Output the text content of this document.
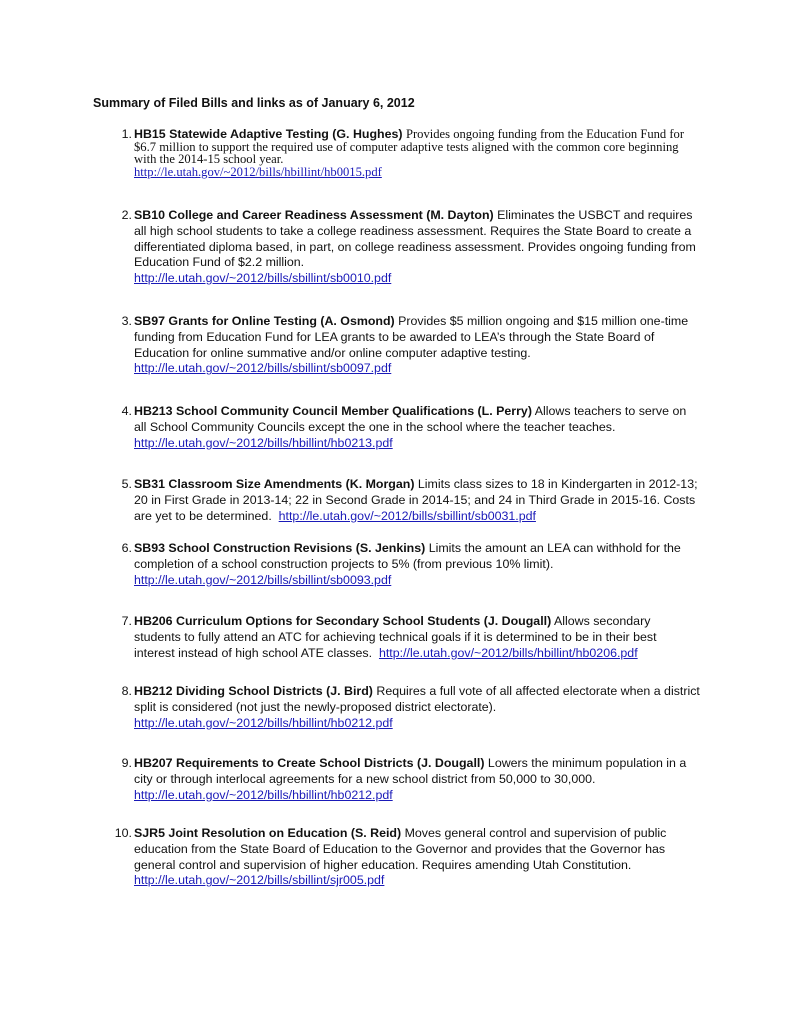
Summary of Filed Bills and links as of January 6, 2012
1. HB15 Statewide Adaptive Testing (G. Hughes) Provides ongoing funding from the Education Fund for $6.7 million to support the required use of computer adaptive tests aligned with the common core beginning with the 2014-15 school year.
http://le.utah.gov/~2012/bills/hbillint/hb0015.pdf
2. SB10 College and Career Readiness Assessment (M. Dayton) Eliminates the USBCT and requires all high school students to take a college readiness assessment. Requires the State Board to create a differentiated diploma based, in part, on college readiness assessment. Provides ongoing funding from Education Fund of $2.2 million.
http://le.utah.gov/~2012/bills/sbillint/sb0010.pdf
3. SB97 Grants for Online Testing (A. Osmond) Provides $5 million ongoing and $15 million one-time funding from Education Fund for LEA grants to be awarded to LEA’s through the State Board of Education for online summative and/or online computer adaptive testing.
http://le.utah.gov/~2012/bills/sbillint/sb0097.pdf
4. HB213 School Community Council Member Qualifications (L. Perry) Allows teachers to serve on all School Community Councils except the one in the school where the teacher teaches.
http://le.utah.gov/~2012/bills/hbillint/hb0213.pdf
5. SB31 Classroom Size Amendments (K. Morgan) Limits class sizes to 18 in Kindergarten in 2012-13; 20 in First Grade in 2013-14; 22 in Second Grade in 2014-15; and 24 in Third Grade in 2015-16. Costs are yet to be determined. http://le.utah.gov/~2012/bills/sbillint/sb0031.pdf
6. SB93 School Construction Revisions (S. Jenkins) Limits the amount an LEA can withhold for the completion of a school construction projects to 5% (from previous 10% limit).
http://le.utah.gov/~2012/bills/sbillint/sb0093.pdf
7. HB206 Curriculum Options for Secondary School Students (J. Dougall) Allows secondary students to fully attend an ATC for achieving technical goals if it is determined to be in their best interest instead of high school ATE classes. http://le.utah.gov/~2012/bills/hbillint/hb0206.pdf
8. HB212 Dividing School Districts (J. Bird) Requires a full vote of all affected electorate when a district split is considered (not just the newly-proposed district electorate).
http://le.utah.gov/~2012/bills/hbillint/hb0212.pdf
9. HB207 Requirements to Create School Districts (J. Dougall) Lowers the minimum population in a city or through interlocal agreements for a new school district from 50,000 to 30,000.
http://le.utah.gov/~2012/bills/hbillint/hb0212.pdf
10. SJR5 Joint Resolution on Education (S. Reid) Moves general control and supervision of public education from the State Board of Education to the Governor and provides that the Governor has general control and supervision of higher education. Requires amending Utah Constitution.
http://le.utah.gov/~2012/bills/sbillint/sjr005.pdf
